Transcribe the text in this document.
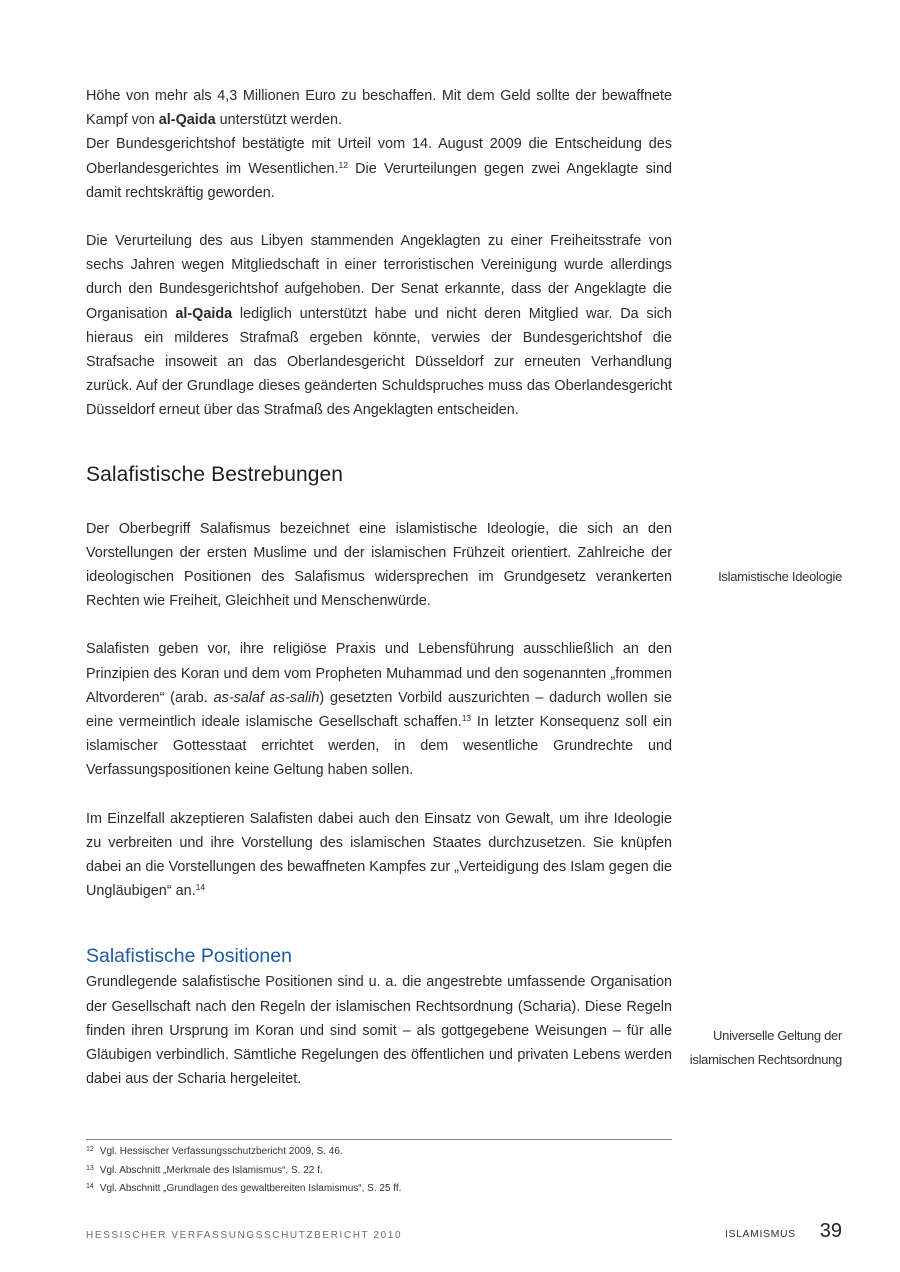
Höhe von mehr als 4,3 Millionen Euro zu beschaffen. Mit dem Geld sollte der bewaffnete Kampf von al-Qaida unterstützt werden.

Der Bundesgerichtshof bestätigte mit Urteil vom 14. August 2009 die Entscheidung des Oberlandesgerichtes im Wesentlichen.$^{12}$ Die Verurteilungen gegen zwei Angeklagte sind damit rechtskräftig geworden.

Die Verurteilung des aus Libyen stammenden Angeklagten zu einer Freiheitsstrafe von sechs Jahren wegen Mitgliedschaft in einer terroristischen Vereinigung wurde allerdings durch den Bundesgerichtshof aufgehoben. Der Senat erkannte, dass der Angeklagte die Organisation al-Qaida lediglich unterstützt habe und nicht deren Mitglied war. Da sich hieraus ein milderes Strafmaß ergeben könnte, verwies der Bundesgerichtshof die Strafsache insoweit an das Oberlandesgericht Düsseldorf zur erneuten Verhandlung zurück. Auf der Grundlage dieses geänderten Schuldspruches muss das Oberlandesgericht Düsseldorf erneut über das Strafmaß des Angeklagten entscheiden.

Salafistische Bestrebungen

Der Oberbegriff Salafismus bezeichnet eine islamistische Ideologie, die sich an den Vorstellungen der ersten Muslime und der islamischen Frühzeit orientiert. Zahlreiche der ideologischen Positionen des Salafismus widersprechen im Grundgesetz verankerten Rechten wie Freiheit, Gleichheit und Menschenwürde.

Salafisten geben vor, ihre religiöse Praxis und Lebensführung ausschließlich an den Prinzipien des Koran und dem vom Propheten Muhammad und den sogenannten „frommen Altvorderen“ (arab. as-salaf as-salih) gesetzten Vorbild auszurichten – dadurch wollen sie eine vermeintlich ideale islamische Gesellschaft schaffen.$^{13}$ In letzter Konsequenz soll ein islamischer Gottesstaat errichtet werden, in dem wesentliche Grundrechte und Verfassungspositionen keine Geltung haben sollen.

Im Einzelfall akzeptieren Salafisten dabei auch den Einsatz von Gewalt, um ihre Ideologie zu verbreiten und ihre Vorstellung des islamischen Staates durchzusetzen. Sie knüpfen dabei an die Vorstellungen des bewaffneten Kampfes zur „Verteidigung des Islam gegen die Ungläubigen“ an.$^{14}$

Salafistische Positionen

Grundlegende salafistische Positionen sind u. a. die angestrebte umfassende Organisation der Gesellschaft nach den Regeln der islamischen Rechtsordnung (Scharia). Diese Regeln finden ihren Ursprung im Koran und sind somit – als gottgegebene Weisungen – für alle Gläubigen verbindlich. Sämtliche Regelungen des öffentlichen und privaten Lebens werden dabei aus der Scharia hergeleitet.

Islamistische Ideologie
Universelle Geltung der
islamischen Rechtsordnung
$^{12}$ Vgl. Hessischer Verfassungsschutzbericht 2009, S. 46.
$^{13}$ Vgl. Abschnitt „Merkmale des Islamismus“, S. 22 f.
$^{14}$ Vgl. Abschnitt „Grundlagen des gewaltbereiten Islamismus“, S. 25 ff.
HESSISCHER VERFASSUNGSSCHUTZBERICHT 2010	ISLAMISMUS 39
